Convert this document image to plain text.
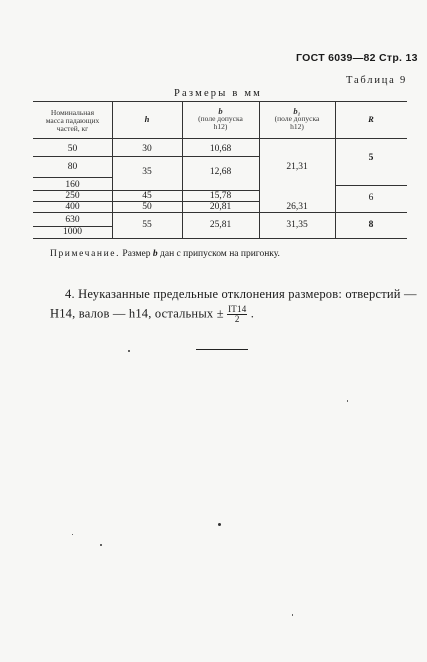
ГОСТ 6039—82 Стр. 13
Таблица 9
Размеры в мм
Номинальная
масса падающих
частей, кг
h
b
(поле допуска
h12)
b₁
(поле допуска
h12)
R
50
80
160
250
400
630
1000
30
35
45
50
55
10,68
12,68
15,78
20,81
25,81
21,31
26,31
31,35
5
6
8
Примечание. Размер b дан с припуском на пригонку.
4. Неуказанные предельные отклонения размеров: отверстий —
H14, валов — h14, остальных ± $\frac{IT14}{2}$ .
